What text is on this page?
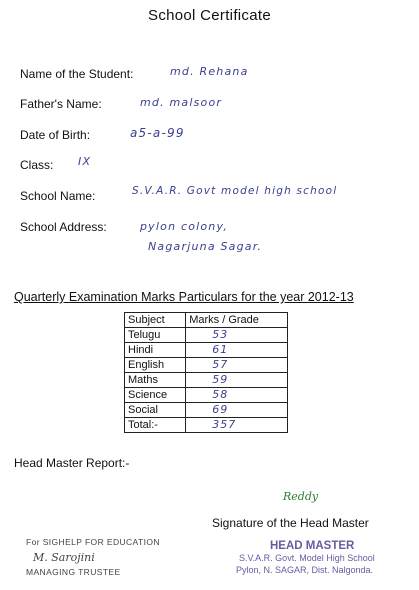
School Certificate
Name of the Student:	md. Rehana
Father's Name:	md. malsoor
Date of Birth:	a5-a-99
Class: IX
School Name:	S.V.A.R. Govt model high school
School Address:	pylon colony,
Nagarjuna Sagar.
Quarterly Examination Marks Particulars for the year 2012-13
Subject	Marks / Grade
Telugu	53
Hindi	61
English	57
Maths	59
Science	58
Social	69
Total:-	357
Head Master Report:-
Reddy
Signature of the Head Master
HEAD MASTER
S.V.A.R. Govt. Model High School
Pylon, N. SAGAR, Dist. Nalgonda.
For SIGHELP FOR EDUCATION
M. Sarojini
MANAGING TRUSTEE
